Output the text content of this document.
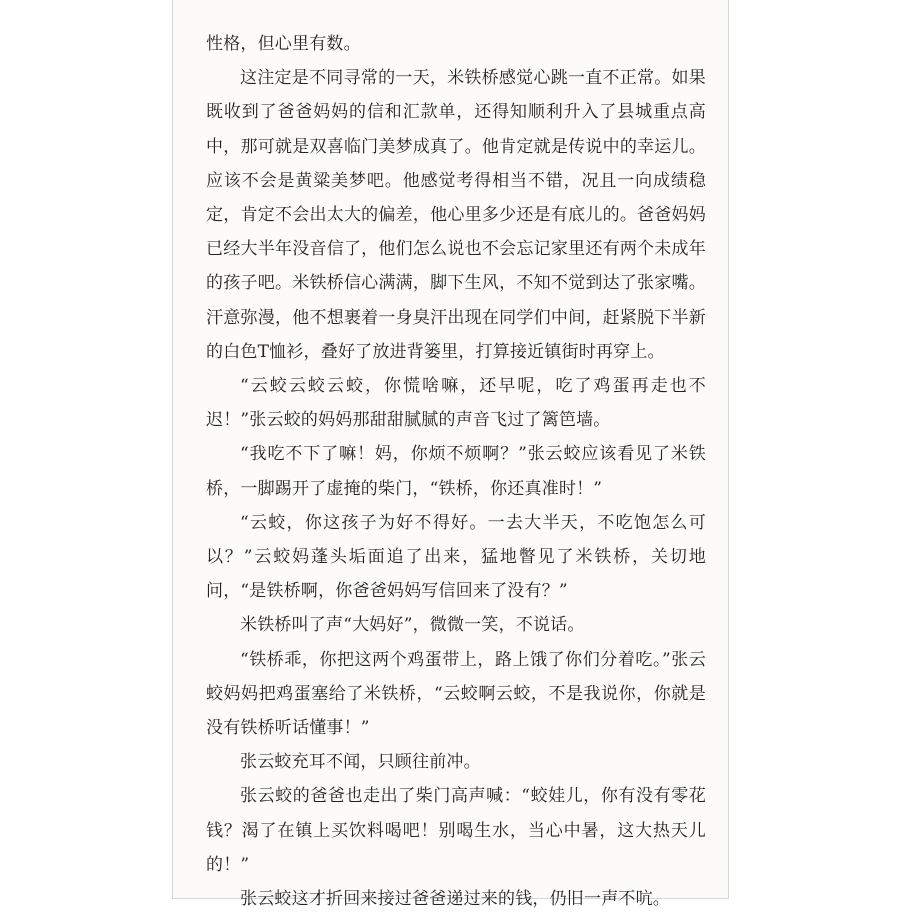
性格，但心里有数。

这注定是不同寻常的一天，米铁桥感觉心跳一直不正常。如果既收到了爸爸妈妈的信和汇款单，还得知顺利升入了县城重点高中，那可就是双喜临门美梦成真了。他肯定就是传说中的幸运儿。应该不会是黄粱美梦吧。他感觉考得相当不错，况且一向成绩稳定，肯定不会出太大的偏差，他心里多少还是有底儿的。爸爸妈妈已经大半年没音信了，他们怎么说也不会忘记家里还有两个未成年的孩子吧。米铁桥信心满满，脚下生风，不知不觉到达了张家嘴。汗意弥漫，他不想裹着一身臭汗出现在同学们中间，赶紧脱下半新的白色T恤衫，叠好了放进背篓里，打算接近镇街时再穿上。

“云蛟云蛟云蛟，你慌啥嘛，还早呢，吃了鸡蛋再走也不迟！”张云蛟的妈妈那甜甜腻腻的声音飞过了篱笆墙。

“我吃不下了嘛！妈，你烦不烦啊？”张云蛟应该看见了米铁桥，一脚踢开了虚掩的柴门，“铁桥，你还真准时！”

“云蛟，你这孩子为好不得好。一去大半天，不吃饱怎么可以？”云蛟妈蓬头垢面追了出来，猛地瞥见了米铁桥，关切地问，“是铁桥啊，你爸爸妈妈写信回来了没有？”

米铁桥叫了声“大妈好”，微微一笑，不说话。

“铁桥乖，你把这两个鸡蛋带上，路上饿了你们分着吃。”张云蛟妈妈把鸡蛋塞给了米铁桥，“云蛟啊云蛟，不是我说你，你就是没有铁桥听话懂事！”

张云蛟充耳不闻，只顾往前冲。

张云蛟的爸爸也走出了柴门高声喊：“蛟娃儿，你有没有零花钱？渴了在镇上买饮料喝吧！别喝生水，当心中暑，这大热天儿的！”

张云蛟这才折回来接过爸爸递过来的钱，仍旧一声不吭。
